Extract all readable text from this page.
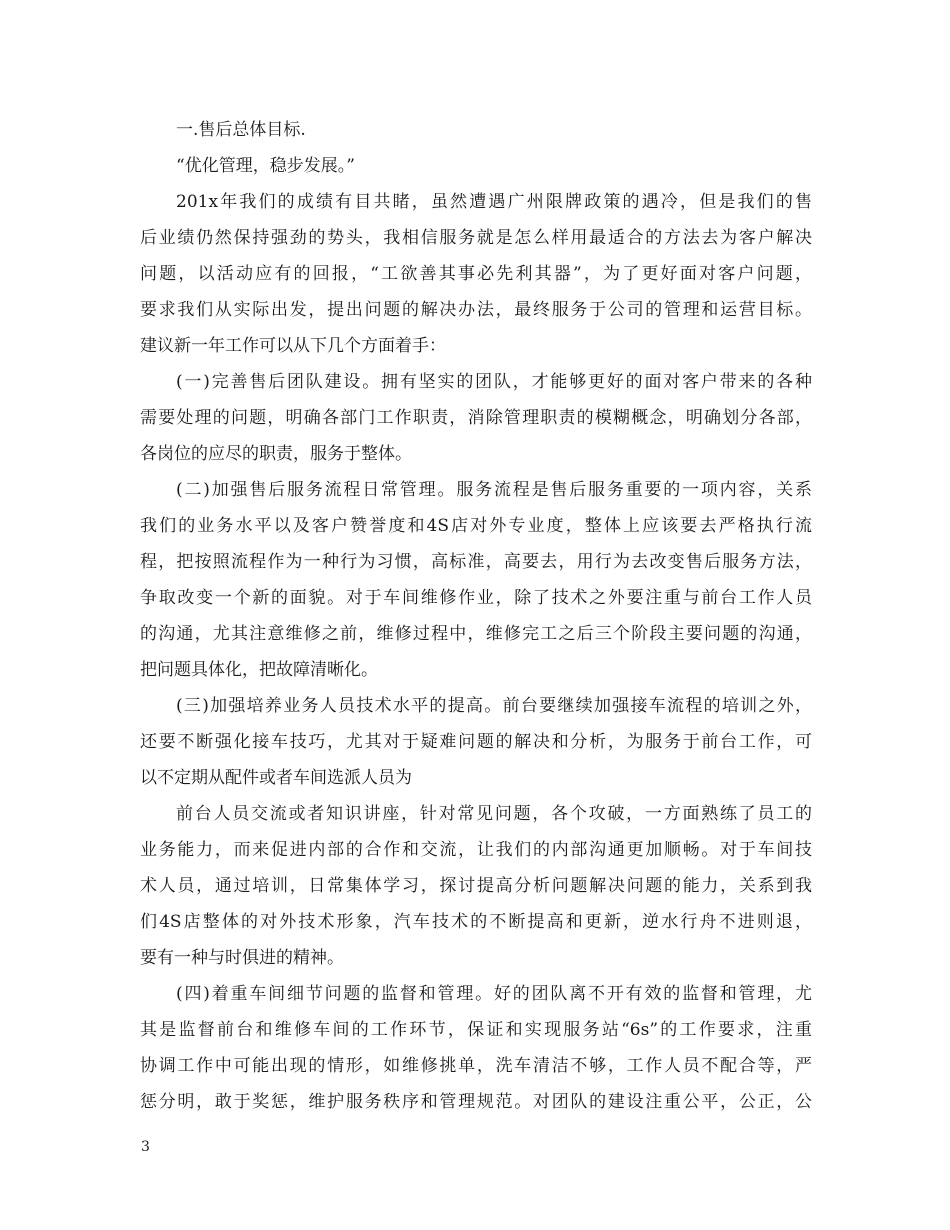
一.售后总体目标.
“优化管理，稳步发展。”
201x年我们的成绩有目共睹，虽然遭遇广州限牌政策的遇冷，但是我们的售
后业绩仍然保持强劲的势头，我相信服务就是怎么样用最适合的方法去为客户解决
问题，以活动应有的回报，“工欲善其事必先利其器”，为了更好面对客户问题，
要求我们从实际出发，提出问题的解决办法，最终服务于公司的管理和运营目标。
建议新一年工作可以从下几个方面着手：
(一)完善售后团队建设。拥有坚实的团队，才能够更好的面对客户带来的各种
需要处理的问题，明确各部门工作职责，消除管理职责的模糊概念，明确划分各部，
各岗位的应尽的职责，服务于整体。
(二)加强售后服务流程日常管理。服务流程是售后服务重要的一项内容，关系
我们的业务水平以及客户赞誉度和4S店对外专业度，整体上应该要去严格执行流
程，把按照流程作为一种行为习惯，高标准，高要去，用行为去改变售后服务方法，
争取改变一个新的面貌。对于车间维修作业，除了技术之外要注重与前台工作人员
的沟通，尤其注意维修之前，维修过程中，维修完工之后三个阶段主要问题的沟通，
把问题具体化，把故障清晰化。
(三)加强培养业务人员技术水平的提高。前台要继续加强接车流程的培训之外，
还要不断强化接车技巧，尤其对于疑难问题的解决和分析，为服务于前台工作，可
以不定期从配件或者车间选派人员为
前台人员交流或者知识讲座，针对常见问题，各个攻破，一方面熟练了员工的
业务能力，而来促进内部的合作和交流，让我们的内部沟通更加顺畅。对于车间技
术人员，通过培训，日常集体学习，探讨提高分析问题解决问题的能力，关系到我
们4S店整体的对外技术形象，汽车技术的不断提高和更新，逆水行舟不进则退，
要有一种与时俱进的精神。
(四)着重车间细节问题的监督和管理。好的团队离不开有效的监督和管理，尤
其是监督前台和维修车间的工作环节，保证和实现服务站“6s”的工作要求，注重
协调工作中可能出现的情形，如维修挑单，洗车清洁不够，工作人员不配合等，严
惩分明，敢于奖惩，维护服务秩序和管理规范。对团队的建设注重公平，公正，公
3
